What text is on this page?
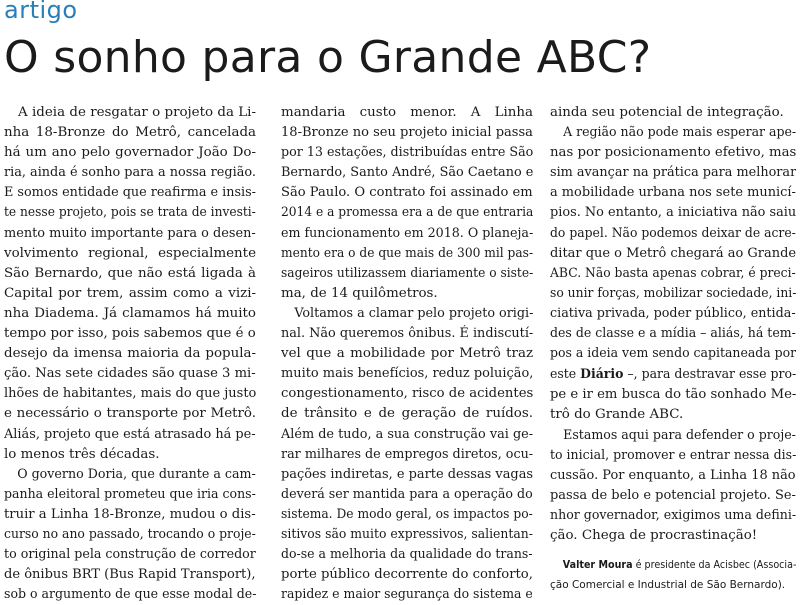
artigo
O sonho para o Grande ABC?
A ideia de resgatar o projeto da Li-
nha 18-Bronze do Metrô, cancelada
há um ano pelo governador João Do-
ria, ainda é sonho para a nossa região.
E somos entidade que reafirma e insis-
te nesse projeto, pois se trata de investi-
mento muito importante para o desen-
volvimento regional, especialmente
São Bernardo, que não está ligada à
Capital por trem, assim como a vizi-
nha Diadema. Já clamamos há muito
tempo por isso, pois sabemos que é o
desejo da imensa maioria da popula-
ção. Nas sete cidades são quase 3 mi-
lhões de habitantes, mais do que justo
e necessário o transporte por Metrô.
Aliás, projeto que está atrasado há pe-
lo menos três décadas.
O governo Doria, que durante a cam-
panha eleitoral prometeu que iria cons-
truir a Linha 18-Bronze, mudou o dis-
curso no ano passado, trocando o proje-
to original pela construção de corredor
de ônibus BRT (Bus Rapid Transport),
sob o argumento de que esse modal de-
mandaria custo menor. A Linha
18-Bronze no seu projeto inicial passa
por 13 estações, distribuídas entre São
Bernardo, Santo André, São Caetano e
São Paulo. O contrato foi assinado em
2014 e a promessa era a de que entraria
em funcionamento em 2018. O planeja-
mento era o de que mais de 300 mil pas-
sageiros utilizassem diariamente o siste-
ma, de 14 quilômetros.
Voltamos a clamar pelo projeto origi-
nal. Não queremos ônibus. É indiscutí-
vel que a mobilidade por Metrô traz
muito mais benefícios, reduz poluição,
congestionamento, risco de acidentes
de trânsito e de geração de ruídos.
Além de tudo, a sua construção vai ge-
rar milhares de empregos diretos, ocu-
pações indiretas, e parte dessas vagas
deverá ser mantida para a operação do
sistema. De modo geral, os impactos po-
sitivos são muito expressivos, salientan-
do-se a melhoria da qualidade do trans-
porte público decorrente do conforto,
rapidez e maior segurança do sistema e
ainda seu potencial de integração.
A região não pode mais esperar ape-
nas por posicionamento efetivo, mas
sim avançar na prática para melhorar
a mobilidade urbana nos sete municí-
pios. No entanto, a iniciativa não saiu
do papel. Não podemos deixar de acre-
ditar que o Metrô chegará ao Grande
ABC. Não basta apenas cobrar, é preci-
so unir forças, mobilizar sociedade, ini-
ciativa privada, poder público, entida-
des de classe e a mídia – aliás, há tem-
pos a ideia vem sendo capitaneada por
este Diário –, para destravar esse pro-
pe e ir em busca do tão sonhado Me-
trô do Grande ABC.
Estamos aqui para defender o proje-
to inicial, promover e entrar nessa dis-
cussão. Por enquanto, a Linha 18 não
passa de belo e potencial projeto. Se-
nhor governador, exigimos uma defini-
ção. Chega de procrastinação!
Valter Moura é presidente da Acisbec (Associa-
ção Comercial e Industrial de São Bernardo).
